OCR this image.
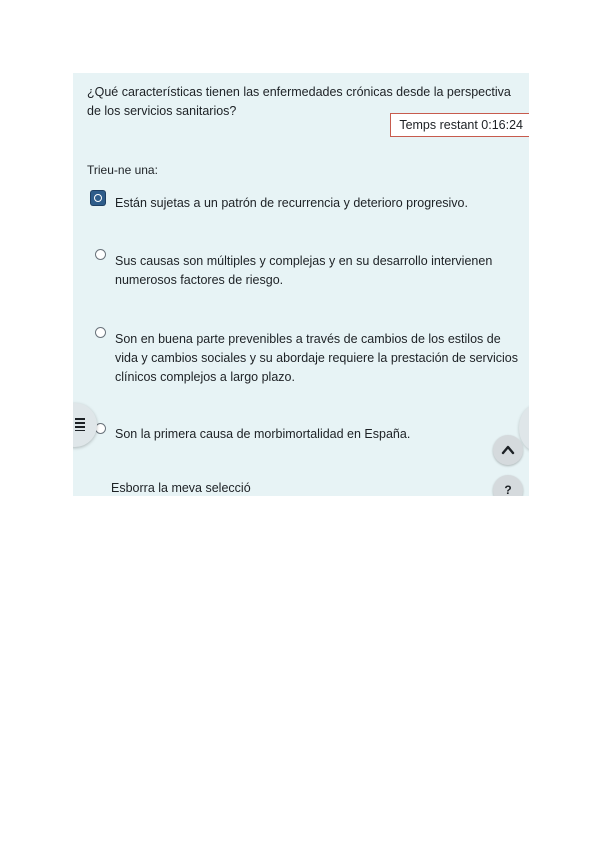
¿Qué características tienen las enfermedades crónicas desde la perspectiva de los servicios sanitarios?
Temps restant 0:16:24
Trieu-ne una:
Están sujetas a un patrón de recurrencia y deterioro progresivo.
Sus causas son múltiples y complejas y en su desarrollo intervienen numerosos factores de riesgo.
Son en buena parte prevenibles a través de cambios de los estilos de vida y cambios sociales y su abordaje requiere la prestación de servicios clínicos complejos a largo plazo.
Son la primera causa de morbimortalidad en España.
Esborra la meva selecció	?
